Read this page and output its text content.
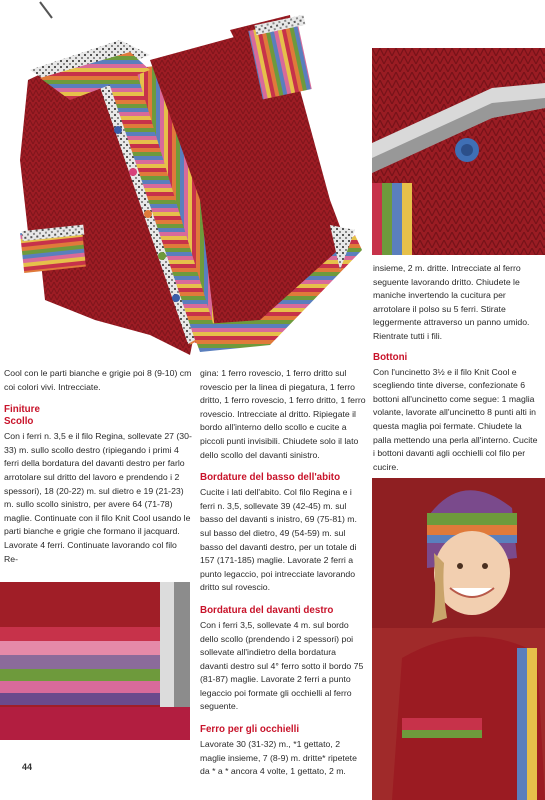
Cool con le parti bianche e grigie poi 8 (9-10) cm coi colori vivi. Intrecciate.

Finiture

Scollo

Con i ferri n. 3,5 e il filo Regina, sollevate 27 (30-33) m. sullo scollo destro (ripiegando i primi 4 ferri della bordatura del davanti destro per farlo arrotolare sul dritto del lavoro e prendendo i 2 spessori), 18 (20-22) m. sul dietro e 19 (21-23) m. sullo scollo sinistro, per avere 64 (71-78) maglie. Continuate con il filo Knit Cool usando le parti bianche e grigie che formano il jacquard. Lavorate 4 ferri. Continuate lavorando col filo Re-

gina: 1 ferro rovescio, 1 ferro dritto sul rovescio per la linea di piegatura, 1 ferro dritto, 1 ferro rovescio, 1 ferro dritto, 1 ferro rovescio. Intrecciate al dritto. Ripiegate il bordo all'interno dello scollo e cucite a piccoli punti invisibili. Chiudete solo il lato dello scollo del davanti sinistro.

Bordature del basso dell'abito

Cucite i lati dell'abito. Col filo Regina e i ferri n. 3,5, sollevate 39 (42-45) m. sul basso del davanti s inistro, 69 (75-81) m. sul basso del dietro, 49 (54-59) m. sul basso del davanti destro, per un totale di 157 (171-185) maglie. Lavorate 2 ferri a punto legaccio, poi intrecciate lavorando dritto sul rovescio.

Bordatura del davanti destro

Con i ferri 3,5, sollevate 4 m. sul bordo dello scollo (prendendo i 2 spessori) poi sollevate all'indietro della bordatura davanti destro sul 4° ferro sotto il bordo 75 (81-87) maglie. Lavorate 2 ferri a punto legaccio poi formate gli occhielli al ferro seguente.

Ferro per gli occhielli

Lavorate 30 (31-32) m., *1 gettato, 2 maglie insieme, 7 (8-9) m. dritte* ripetete da * a * ancora 4 volte, 1 gettato, 2 m.

insieme, 2 m. dritte. Intrecciate al ferro seguente lavorando dritto. Chiudete le maniche invertendo la cucitura per arrotolare il polso su 5 ferri. Stirate leggermente attraverso un panno umido. Rientrate tutti i fili.

Bottoni

Con l'uncinetto 3½ e il filo Knit Cool e scegliendo tinte diverse, confezionate 6 bottoni all'uncinetto come segue: 1 maglia volante, lavorate all'uncinetto 8 punti alti in questa maglia poi fermate. Chiudete la palla mettendo una perla all'interno. Cucite i bottoni davanti agli occhielli col filo per cucire.

44
